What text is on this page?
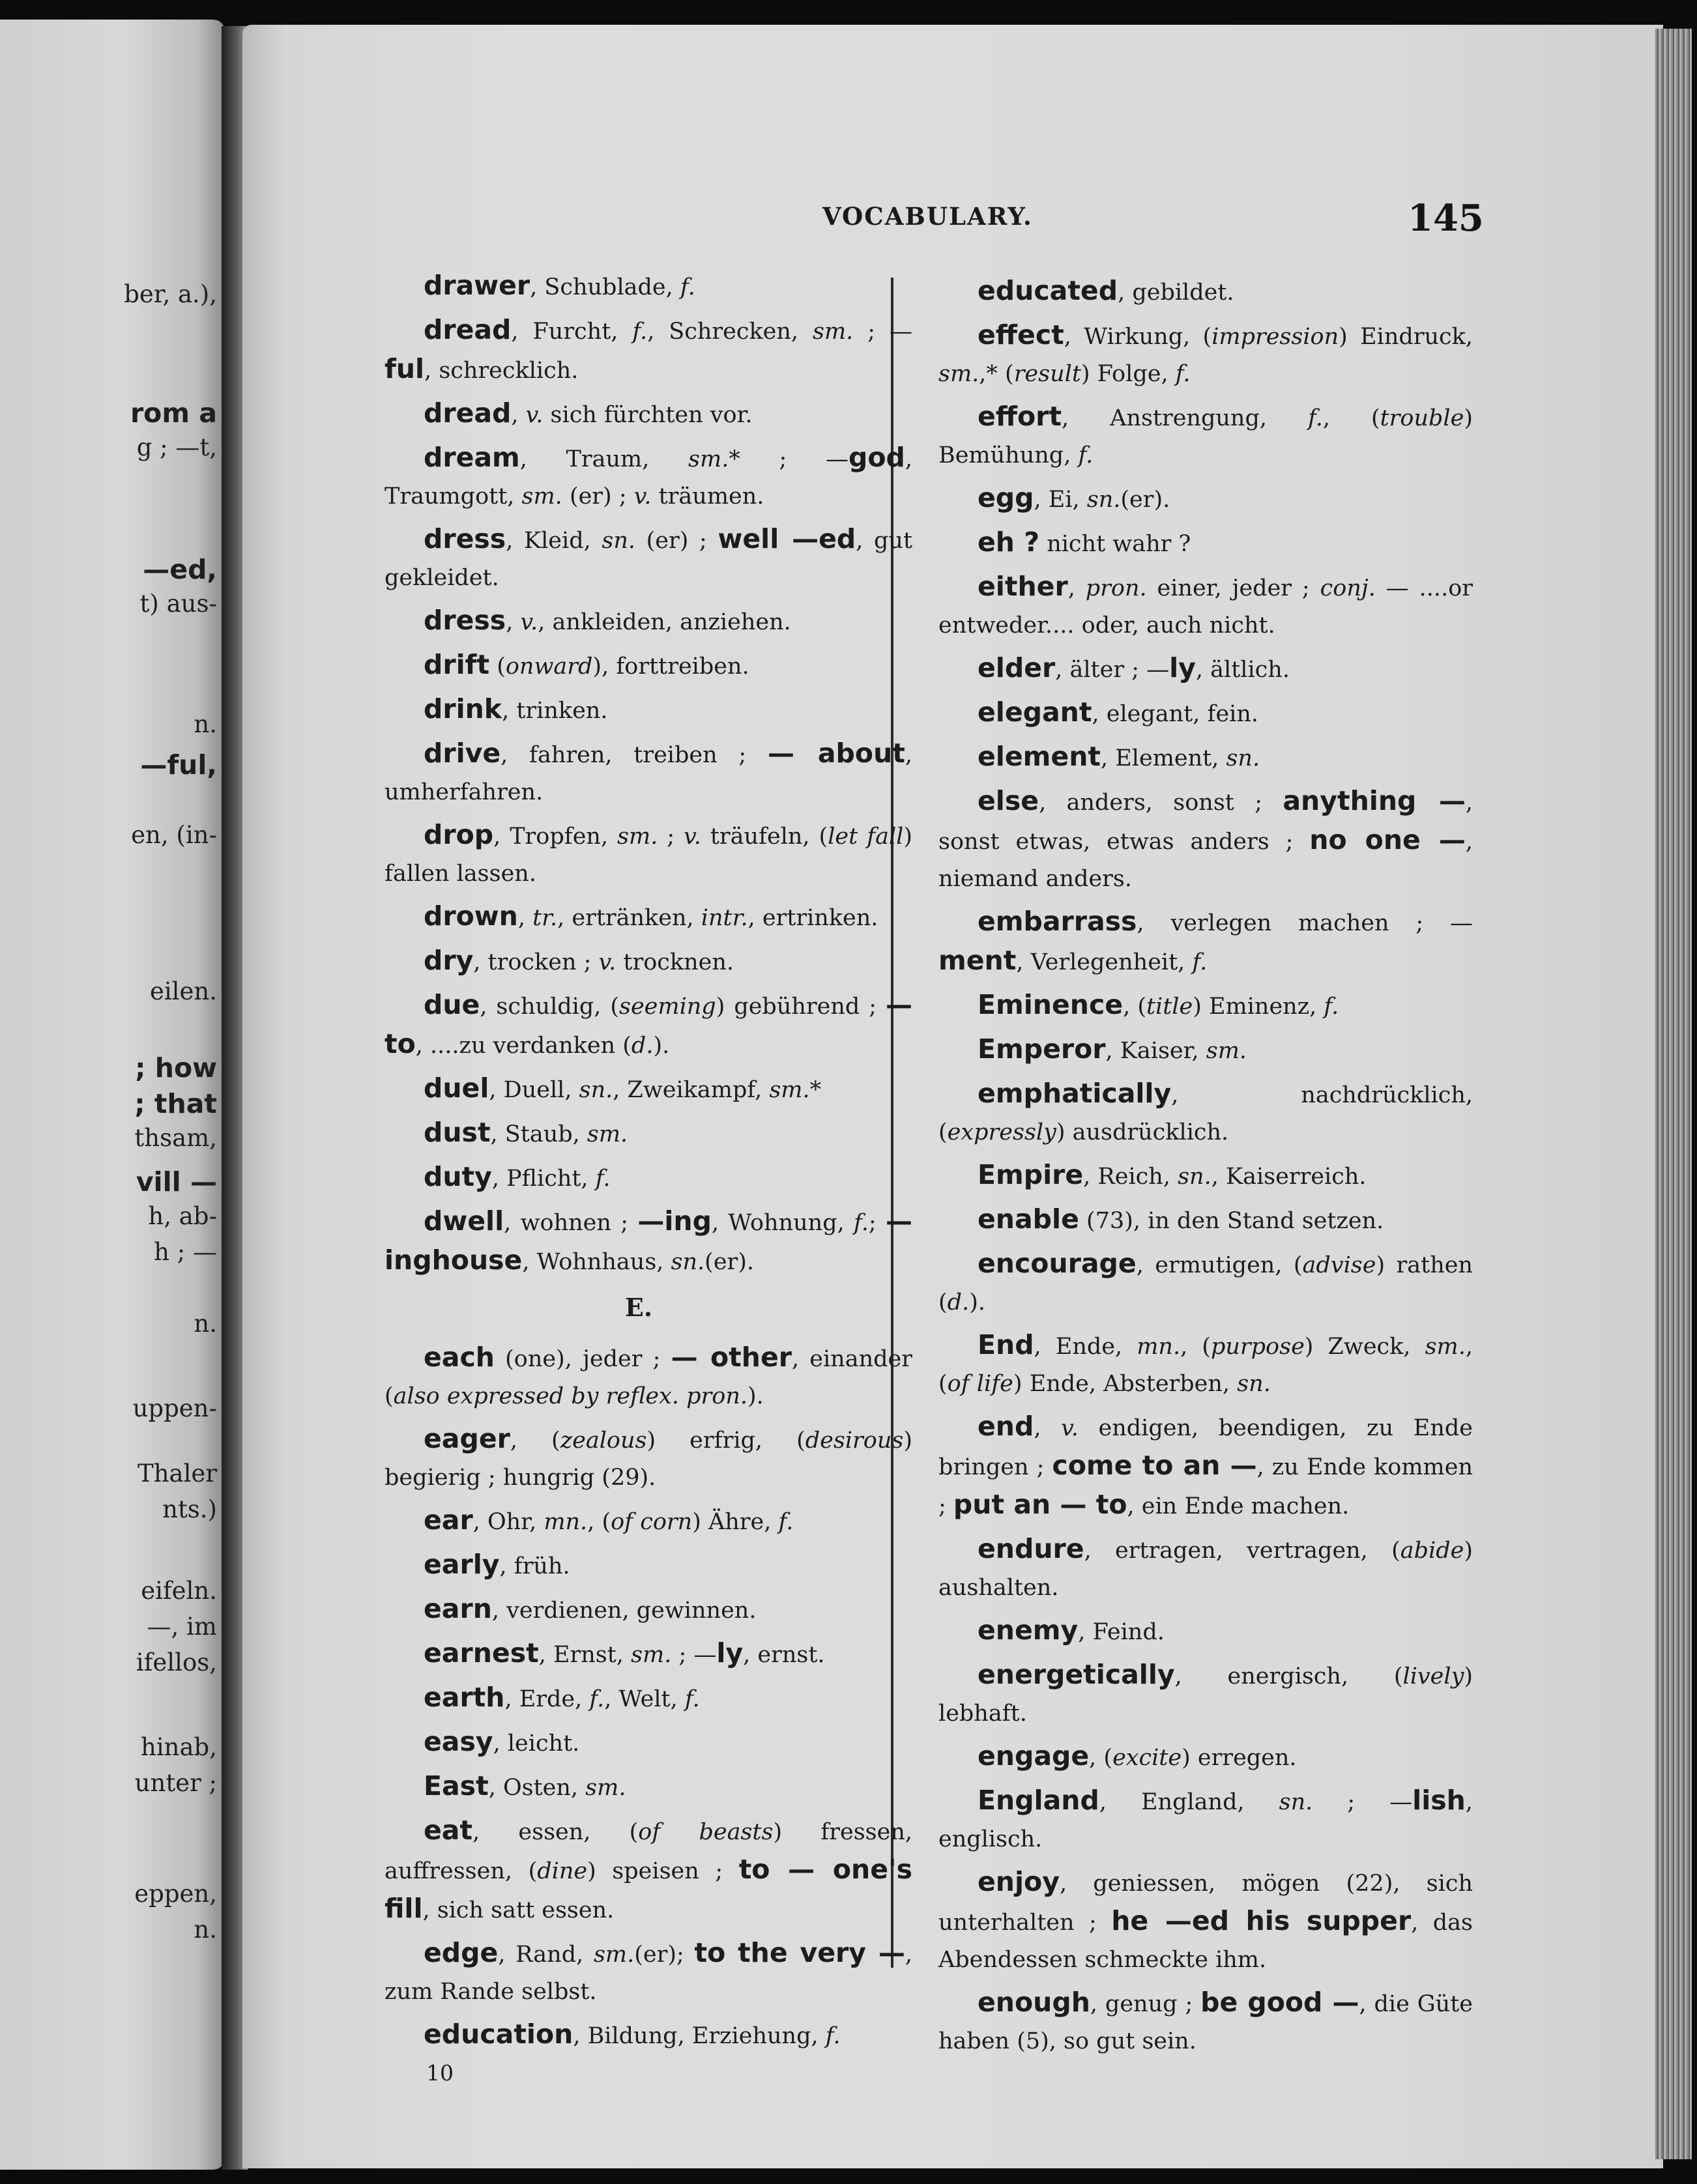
ber, a.),
rom a
g ; —t,
—ed,
t) aus-
n.
—ful,
en, (in-
eilen.
; how
; that
thsam,
vill —
h, ab-
h ; —
n.
uppen-
Thaler
nts.)
eifeln.
—, im
ifellos,
hinab,
unter ;
eppen,
n.
VOCABULARY.	145
drawer, Schublade, f.
dread, Furcht, f., Schrecken, sm. ; — ful, schrecklich.
dread, v. sich fürchten vor.
dream, Traum, sm.* ; —god, Traumgott, sm. (er) ; v. träumen.
dress, Kleid, sn. (er) ; well —ed, gut gekleidet.
dress, v., ankleiden, anziehen.
drift (onward), forttreiben.
drink, trinken.
drive, fahren, treiben ; — about, umherfahren.
drop, Tropfen, sm. ; v. träufeln, (let fall) fallen lassen.
drown, tr., ertränken, intr., ertrinken.
dry, trocken ; v. trocknen.
due, schuldig, (seeming) gebührend ; — to, ....zu verdanken (d.).
duel, Duell, sn., Zweikampf, sm.*
dust, Staub, sm.
duty, Pflicht, f.
dwell, wohnen ; —ing, Wohnung, f.; —inghouse, Wohnhaus, sn.(er).
E.
each (one), jeder ; — other, einander (also expressed by reflex. pron.).
eager, (zealous) erfrig, (desirous) begierig ; hungrig (29).
ear, Ohr, mn., (of corn) Ähre, f.
early, früh.
earn, verdienen, gewinnen.
earnest, Ernst, sm. ; —ly, ernst.
earth, Erde, f., Welt, f.
easy, leicht.
East, Osten, sm.
eat, essen, (of beasts) fressen, auffressen, (dine) speisen ; to — one's fill, sich satt essen.
edge, Rand, sm.(er); to the very —, zum Rande selbst.
education, Bildung, Erziehung, f.
10
educated, gebildet.
effect, Wirkung, (impression) Eindruck, sm.,* (result) Folge, f.
effort, Anstrengung, f., (trouble) Bemühung, f.
egg, Ei, sn.(er).
eh ? nicht wahr ?
either, pron. einer, jeder ; conj. — ....or entweder.... oder, auch nicht.
elder, älter ; —ly, ältlich.
elegant, elegant, fein.
element, Element, sn.
else, anders, sonst ; anything —, sonst etwas, etwas anders ; no one —, niemand anders.
embarrass, verlegen machen ; —ment, Verlegenheit, f.
Eminence, (title) Eminenz, f.
Emperor, Kaiser, sm.
emphatically, nachdrücklich, (expressly) ausdrücklich.
Empire, Reich, sn., Kaiserreich.
enable (73), in den Stand setzen.
encourage, ermutigen, (advise) rathen (d.).
End, Ende, mn., (purpose) Zweck, sm., (of life) Ende, Absterben, sn.
end, v. endigen, beendigen, zu Ende bringen ; come to an —, zu Ende kommen ; put an — to, ein Ende machen.
endure, ertragen, vertragen, (abide) aushalten.
enemy, Feind.
energetically, energisch, (lively) lebhaft.
engage, (excite) erregen.
England, England, sn. ; —lish, englisch.
enjoy, geniessen, mögen (22), sich unterhalten ; he —ed his supper, das Abendessen schmeckte ihm.
enough, genug ; be good —, die Güte haben (5), so gut sein.
